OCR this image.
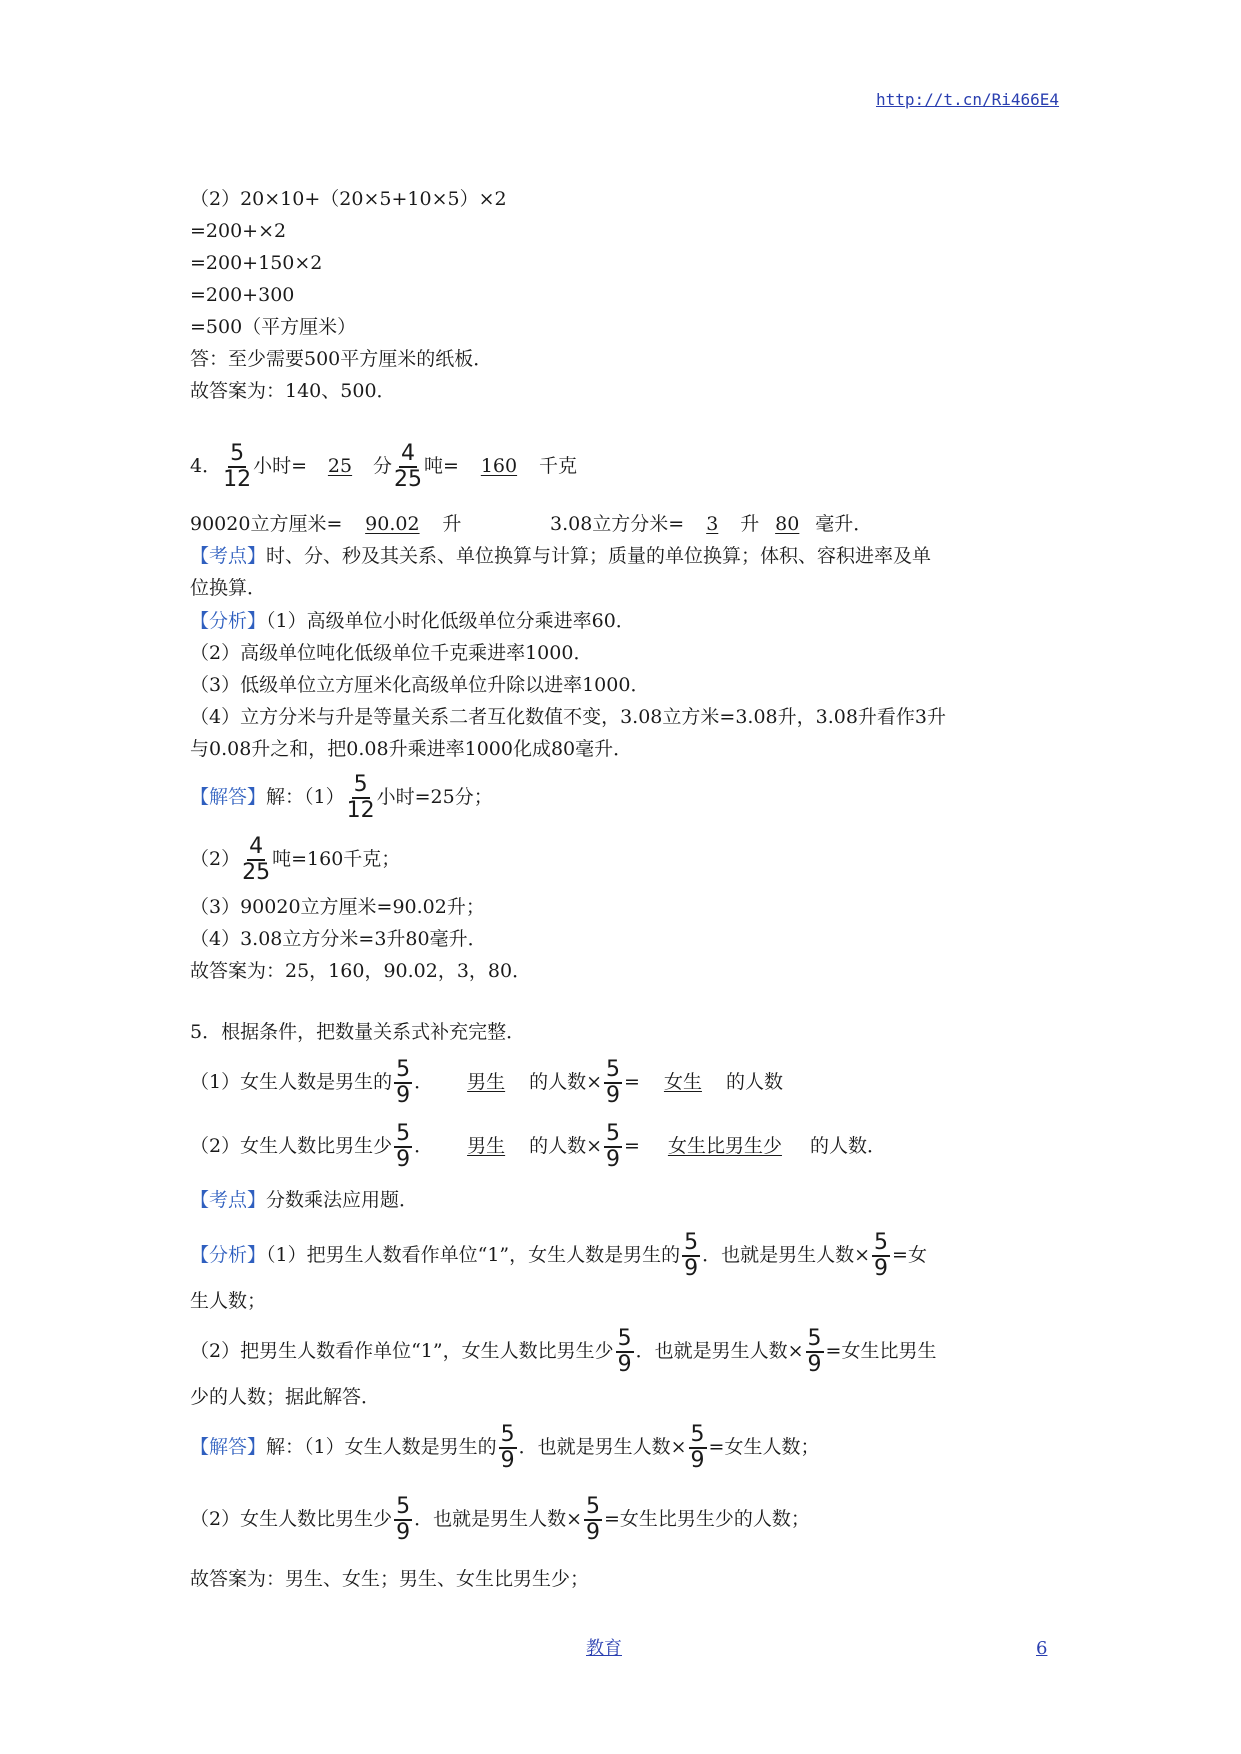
http://t.cn/Ri466E4
（2）20×10+（20×5+10×5）×2
=200+×2
=200+150×2
=200+300
=500（平方厘米）
答：至少需要500平方厘米的纸板．
故答案为：140、500．
4． $\frac{5}{12}$ 小时= 25 分 $\frac{4}{25}$ 吨= 160 千克
90020立方厘米= 90.02 升	3.08立方分米= 3 升 80 毫升．
【考点】时、分、秒及其关系、单位换算与计算；质量的单位换算；体积、容积进率及单
位换算．
【分析】（1）高级单位小时化低级单位分乘进率60．
（2）高级单位吨化低级单位千克乘进率1000．
（3）低级单位立方厘米化高级单位升除以进率1000．
（4）立方分米与升是等量关系二者互化数值不变，3.08立方米=3.08升，3.08升看作3升
与0.08升之和，把0.08升乘进率1000化成80毫升．
【解答】解：$(1) \frac{5}{12}$ 小时=25分；
$(2) \frac{4}{25}$ 吨=160千克；
（3）90020立方厘米=90.02升；
（4）3.08立方分米=3升80毫升．
故答案为：25，160，90.02，3，80．
5．根据条件，把数量关系式补充完整．
（1）女生人数是男生的 $\frac{5}{9}$ ． 男生 的人数× $\frac{5}{9}$ = 女生 的人数
（2）女生人数比男生少 $\frac{5}{9}$ ． 男生 的人数× $\frac{5}{9}$ = 女生比男生少 的人数．
【考点】分数乘法应用题．
【分析】（1）把男生人数看作单位“1”，女生人数是男生的 $\frac{5}{9}$ ．也就是男生人数× $\frac{5}{9}$ =女
生人数；
（2）把男生人数看作单位“1”，女生人数比男生少 $\frac{5}{9}$ ．也就是男生人数× $\frac{5}{9}$ =女生比男生
少的人数；据此解答．
【解答】解：（1）女生人数是男生的 $\frac{5}{9}$ ．也就是男生人数× $\frac{5}{9}$ =女生人数；
（2）女生人数比男生少 $\frac{5}{9}$ ．也就是男生人数× $\frac{5}{9}$ =女生比男生少的人数；
故答案为：男生、女生；男生、女生比男生少；
教育	6
